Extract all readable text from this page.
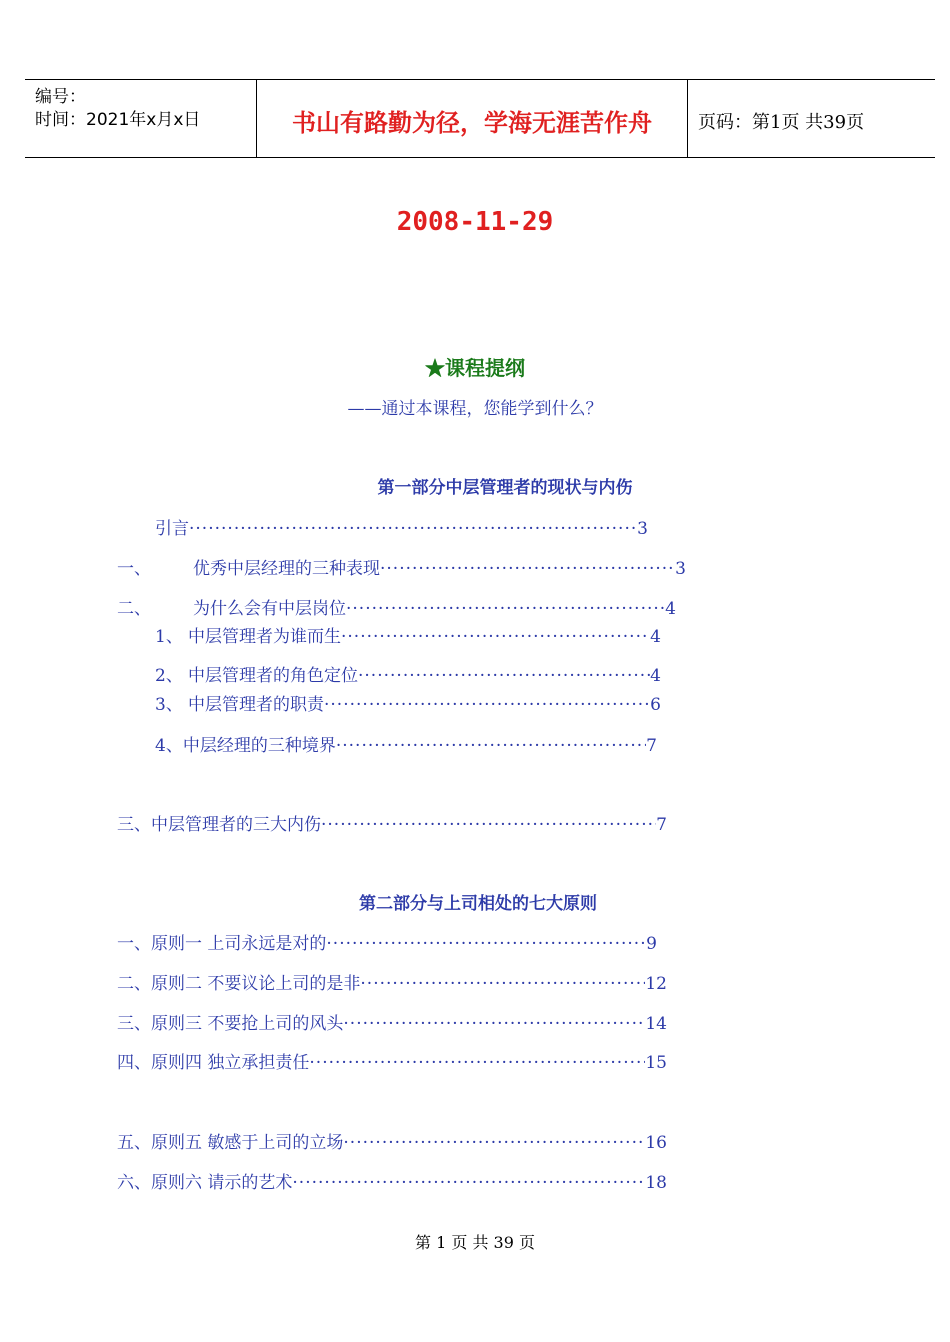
编号：
时间：2021年x月x日	书山有路勤为径，学海无涯苦作舟	页码：第1页 共39页
2008-11-29
★课程提纲
——通过本课程，您能学到什么？
第一部分中层管理者的现状与内伤
引言 ·····	3
一、	优秀中层经理的三种表现 ·····	3
二、	为什么会有中层岗位 ·····	4
1、 中层管理者为谁而生 ·····	4
2、 中层管理者的角色定位 ·····	4
3、 中层管理者的职责 ·····	6
4、 中层经理的三种境界 ·····	7
三、 中层管理者的三大内伤 ·····	7
第二部分与上司相处的七大原则
一、 原则一 上司永远是对的 ·····	9
二、 原则二 不要议论上司的是非 ·····	12
三、 原则三 不要抢上司的风头 ·····	14
四、 原则四 独立承担责任 ·····	15
五、 原则五 敏感于上司的立场 ·····	16
六、 原则六 请示的艺术 ·····	18
第 1 页 共 39 页
